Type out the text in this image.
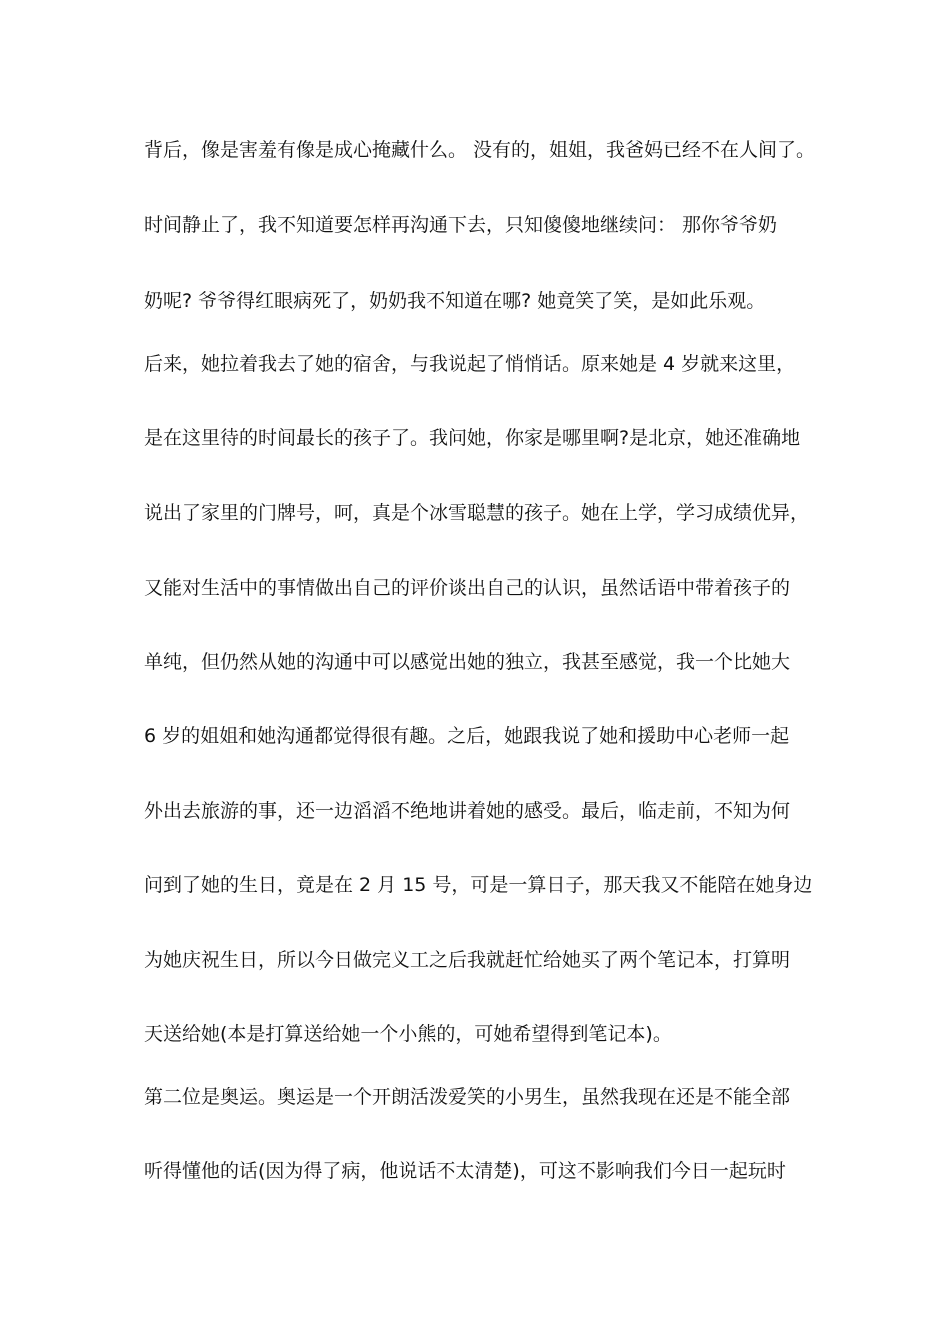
背后，像是害羞有像是成心掩藏什么。 没有的，姐姐，我爸妈已经不在人间了。
时间静止了，我不知道要怎样再沟通下去，只知傻傻地继续问： 那你爷爷奶
奶呢? 爷爷得红眼病死了，奶奶我不知道在哪? 她竟笑了笑，是如此乐观。
后来，她拉着我去了她的宿舍，与我说起了悄悄话。原来她是 4 岁就来这里，
是在这里待的时间最长的孩子了。我问她，你家是哪里啊?是北京，她还准确地
说出了家里的门牌号，呵，真是个冰雪聪慧的孩子。她在上学，学习成绩优异，
又能对生活中的事情做出自己的评价谈出自己的认识，虽然话语中带着孩子的
单纯，但仍然从她的沟通中可以感觉出她的独立，我甚至感觉，我一个比她大
6 岁的姐姐和她沟通都觉得很有趣。之后，她跟我说了她和援助中心老师一起
外出去旅游的事，还一边滔滔不绝地讲着她的感受。最后，临走前，不知为何
问到了她的生日，竟是在 2 月 15 号，可是一算日子，那天我又不能陪在她身边
为她庆祝生日，所以今日做完义工之后我就赶忙给她买了两个笔记本，打算明
天送给她(本是打算送给她一个小熊的，可她希望得到笔记本)。
第二位是奥运。奥运是一个开朗活泼爱笑的小男生，虽然我现在还是不能全部
听得懂他的话(因为得了病，他说话不太清楚)，可这不影响我们今日一起玩时
